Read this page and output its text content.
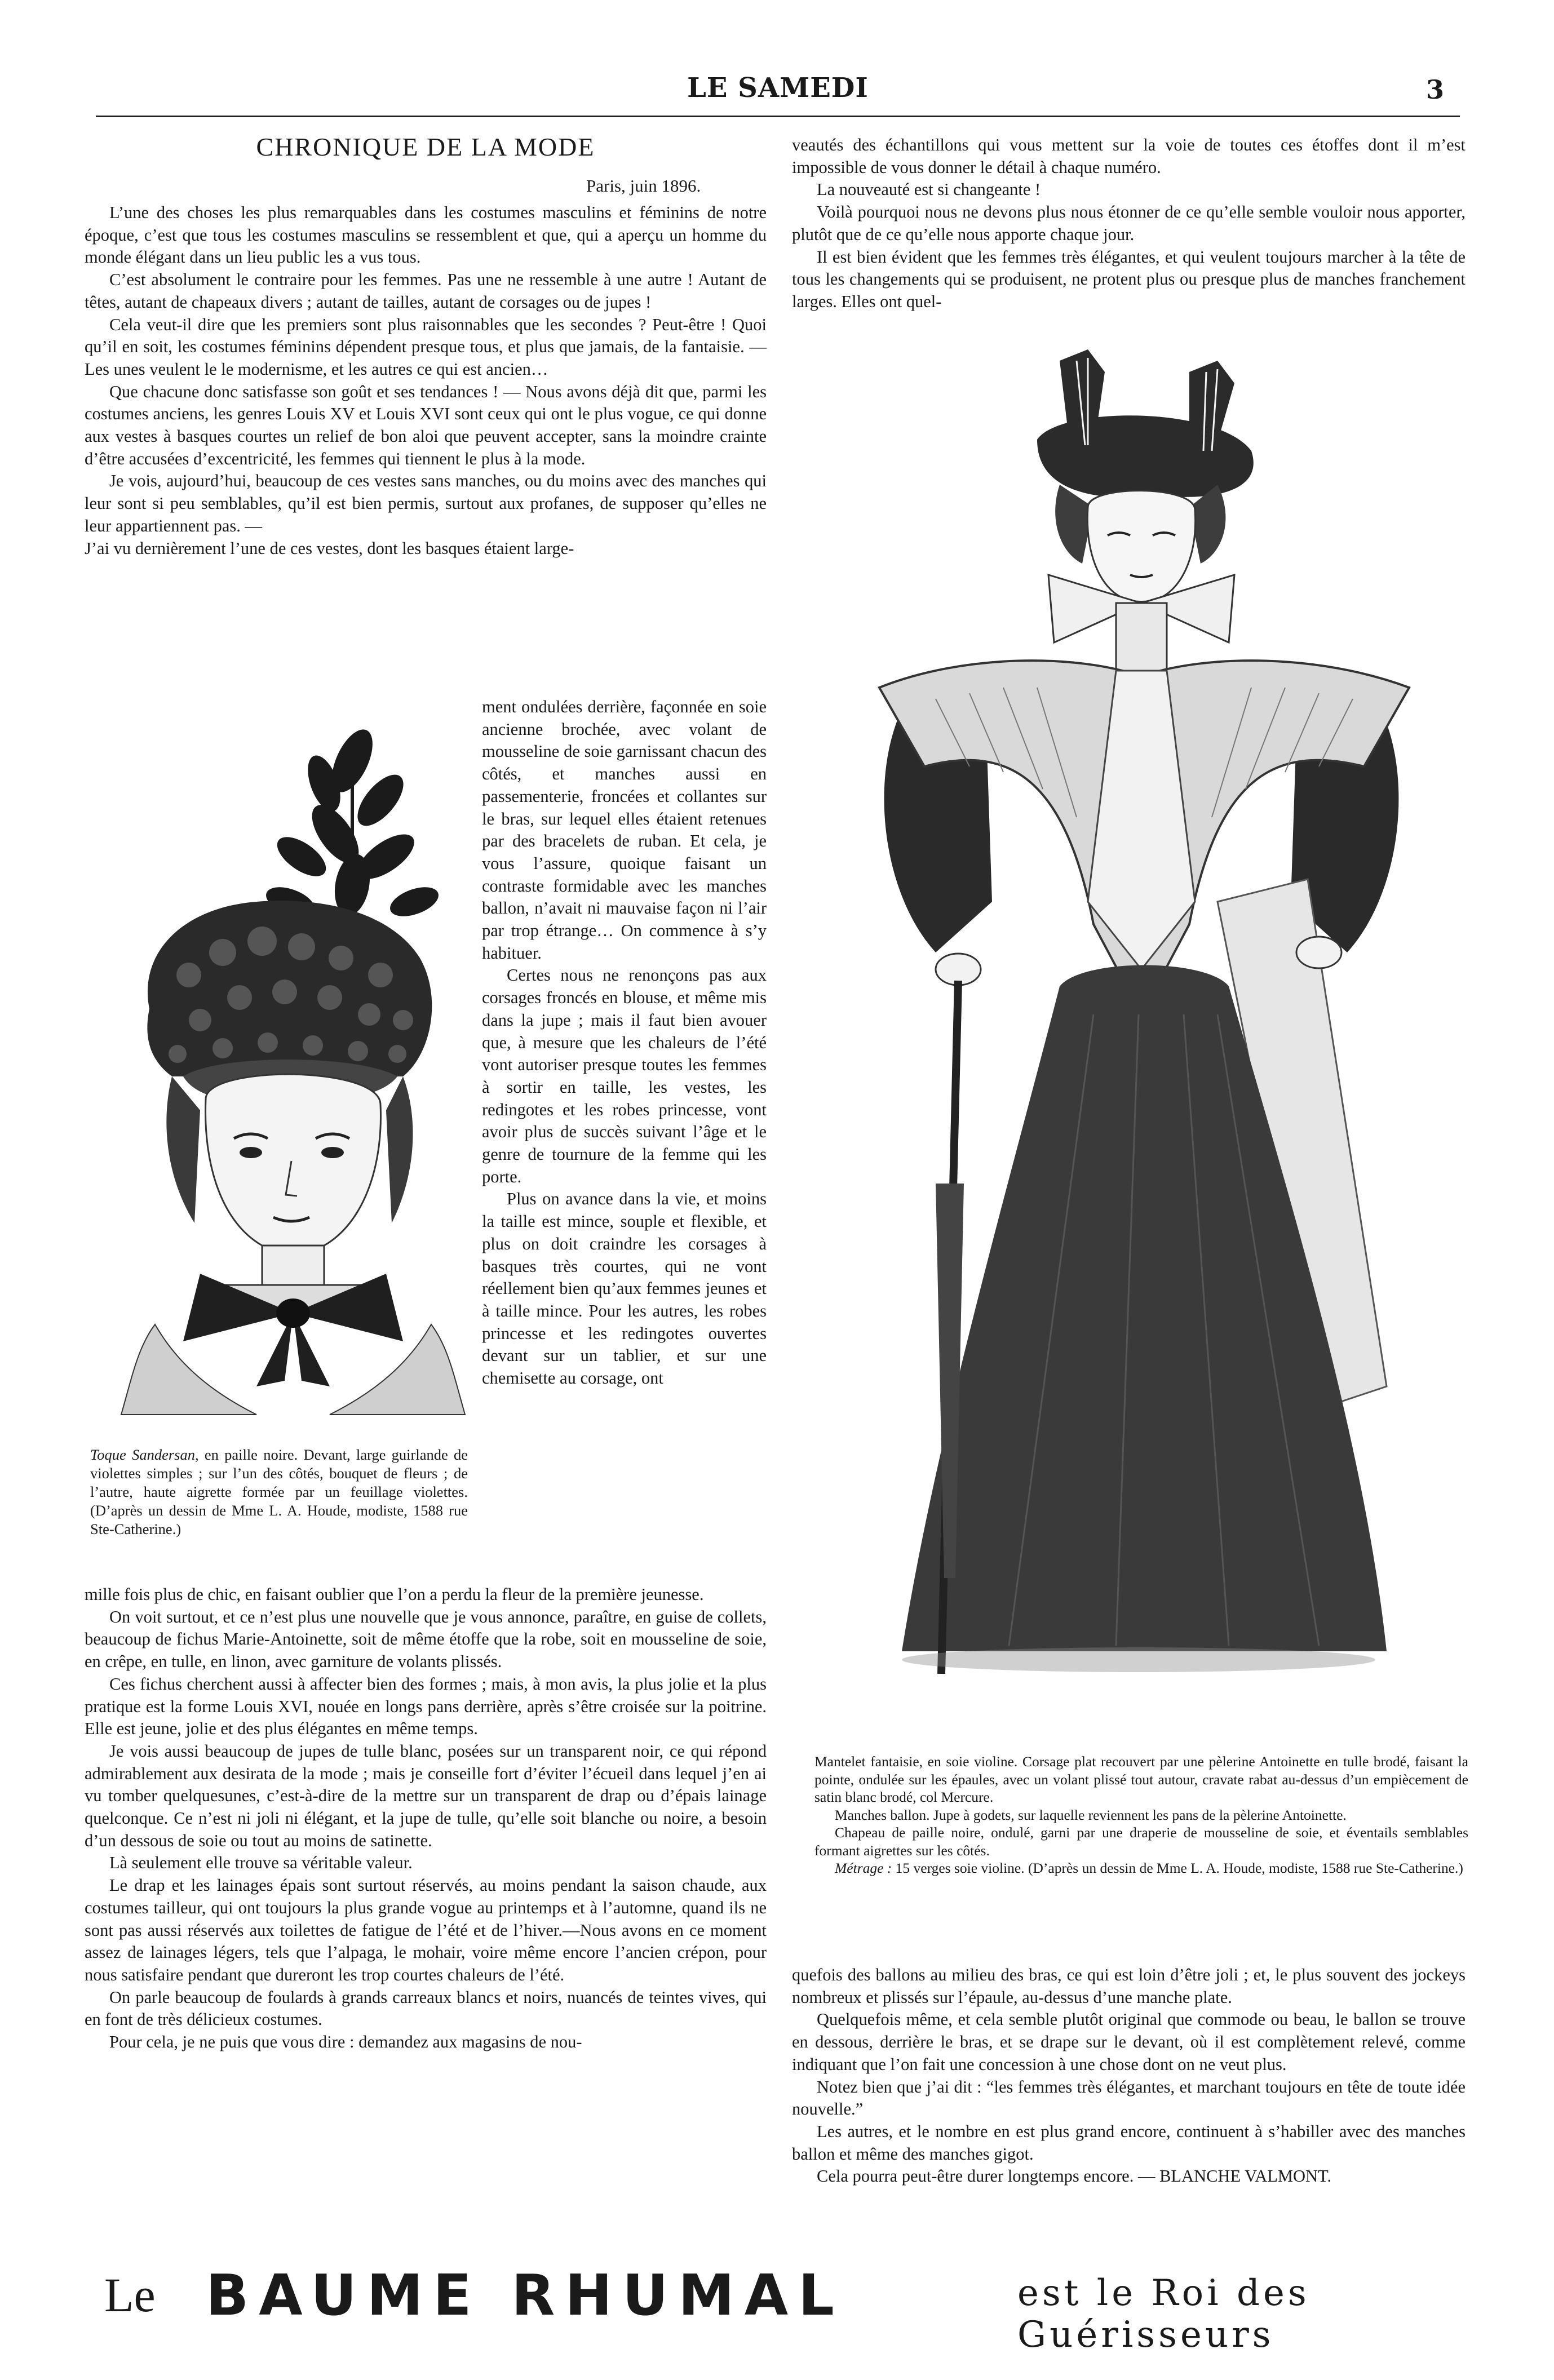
LE SAMEDI	3
CHRONIQUE DE LA MODE
Paris, juin 1896.

L’une des choses les plus remarquables dans les costumes masculins et féminins de notre époque, c’est que tous les costumes masculins se ressemblent et que, qui a aperçu un homme du monde élégant dans un lieu public les a vus tous.

C’est absolument le contraire pour les femmes. Pas une ne ressemble à une autre ! Autant de têtes, autant de chapeaux divers ; autant de tailles, autant de corsages ou de jupes !

Cela veut-il dire que les premiers sont plus raisonnables que les secondes ? Peut-être ! Quoi qu’il en soit, les costumes féminins dépendent presque tous, et plus que jamais, de la fantaisie. — Les unes veulent le le modernisme, et les autres ce qui est ancien…

Que chacune donc satisfasse son goût et ses tendances ! — Nous avons déjà dit que, parmi les costumes anciens, les genres Louis XV et Louis XVI sont ceux qui ont le plus vogue, ce qui donne aux vestes à basques courtes un relief de bon aloi que peuvent accepter, sans la moindre crainte d’être accusées d’excentricité, les femmes qui tiennent le plus à la mode.

Je vois, aujourd’hui, beaucoup de ces vestes sans manches, ou du moins avec des manches qui leur sont si peu semblables, qu’il est bien permis, surtout aux profanes, de supposer qu’elles ne leur appartiennent pas. —

J’ai vu dernièrement l’une de ces vestes, dont les basques étaient large-

Toque Sandersan, en paille noire. Devant, large guirlande de violettes simples ; sur l’un des côtés, bouquet de fleurs ; de l’autre, haute aigrette formée par un feuillage violettes. (D’après un dessin de Mme L. A. Houde, modiste, 1588 rue Ste-Catherine.)

ment ondulées derrière, façonnée en soie ancienne brochée, avec volant de mousseline de soie garnissant chacun des côtés, et manches aussi en passementerie, froncées et collantes sur le bras, sur lequel elles étaient retenues par des bracelets de ruban. Et cela, je vous l’assure, quoique faisant un contraste formidable avec les manches ballon, n’avait ni mauvaise façon ni l’air par trop étrange… On commence à s’y habituer.

Certes nous ne renonçons pas aux corsages froncés en blouse, et même mis dans la jupe ; mais il faut bien avouer que, à mesure que les chaleurs de l’été vont autoriser presque toutes les femmes à sortir en taille, les vestes, les redingotes et les robes princesse, vont avoir plus de succès suivant l’âge et le genre de tournure de la femme qui les porte.

Plus on avance dans la vie, et moins la taille est mince, souple et flexible, et plus on doit craindre les corsages à basques très courtes, qui ne vont réellement bien qu’aux femmes jeunes et à taille mince. Pour les autres, les robes princesse et les redingotes ouvertes devant sur un tablier, et sur une chemisette au corsage, ont

mille fois plus de chic, en faisant oublier que l’on a perdu la fleur de la première jeunesse.

On voit surtout, et ce n’est plus une nouvelle que je vous annonce, paraître, en guise de collets, beaucoup de fichus Marie-Antoinette, soit de même étoffe que la robe, soit en mousseline de soie, en crêpe, en tulle, en linon, avec garniture de volants plissés.

Ces fichus cherchent aussi à affecter bien des formes ; mais, à mon avis, la plus jolie et la plus pratique est la forme Louis XVI, nouée en longs pans derrière, après s’être croisée sur la poitrine. Elle est jeune, jolie et des plus élégantes en même temps.

Je vois aussi beaucoup de jupes de tulle blanc, posées sur un transparent noir, ce qui répond admirablement aux desirata de la mode ; mais je conseille fort d’éviter l’écueil dans lequel j’en ai vu tomber quelquesunes, c’est-à-dire de la mettre sur un transparent de drap ou d’épais lainage quelconque. Ce n’est ni joli ni élégant, et la jupe de tulle, qu’elle soit blanche ou noire, a besoin d’un dessous de soie ou tout au moins de satinette.

Là seulement elle trouve sa véritable valeur.

Le drap et les lainages épais sont surtout réservés, au moins pendant la saison chaude, aux costumes tailleur, qui ont toujours la plus grande vogue au printemps et à l’automne, quand ils ne sont pas aussi réservés aux toilettes de fatigue de l’été et de l’hiver.—Nous avons en ce moment assez de lainages légers, tels que l’alpaga, le mohair, voire même encore l’ancien crépon, pour nous satisfaire pendant que dureront les trop courtes chaleurs de l’été.

On parle beaucoup de foulards à grands carreaux blancs et noirs, nuancés de teintes vives, qui en font de très délicieux costumes.

Pour cela, je ne puis que vous dire : demandez aux magasins de nou-

veautés des échantillons qui vous mettent sur la voie de toutes ces étoffes dont il m’est impossible de vous donner le détail à chaque numéro.

La nouveauté est si changeante !

Voilà pourquoi nous ne devons plus nous étonner de ce qu’elle semble vouloir nous apporter, plutôt que de ce qu’elle nous apporte chaque jour.

Il est bien évident que les femmes très élégantes, et qui veulent toujours marcher à la tête de tous les changements qui se produisent, ne protent plus ou presque plus de manches franchement larges. Elles ont quel-

Mantelet fantaisie, en soie violine. Corsage plat recouvert par une pèlerine Antoinette en tulle brodé, faisant la pointe, ondulée sur les épaules, avec un volant plissé tout autour, cravate rabat au-dessus d’un empiècement de satin blanc brodé, col Mercure.

Manches ballon. Jupe à godets, sur laquelle reviennent les pans de la pèlerine Antoinette.

Chapeau de paille noire, ondulé, garni par une draperie de mousseline de soie, et éventails semblables formant aigrettes sur les côtés.

Métrage : 15 verges soie violine. (D’après un dessin de Mme L. A. Houde, modiste, 1588 rue Ste-Catherine.)

quefois des ballons au milieu des bras, ce qui est loin d’être joli ; et, le plus souvent des jockeys nombreux et plissés sur l’épaule, au-dessus d’une manche plate.

Quelquefois même, et cela semble plutôt original que commode ou beau, le ballon se trouve en dessous, derrière le bras, et se drape sur le devant, où il est complètement relevé, comme indiquant que l’on fait une concession à une chose dont on ne veut plus.

Notez bien que j’ai dit : “les femmes très élégantes, et marchant toujours en tête de toute idée nouvelle.”

Les autres, et le nombre en est plus grand encore, continuent à s’habiller avec des manches ballon et même des manches gigot.

Cela pourra peut-être durer longtemps encore. — BLANCHE VALMONT.

Le BAUME RHUMAL	est le Roi des Guérisseurs
